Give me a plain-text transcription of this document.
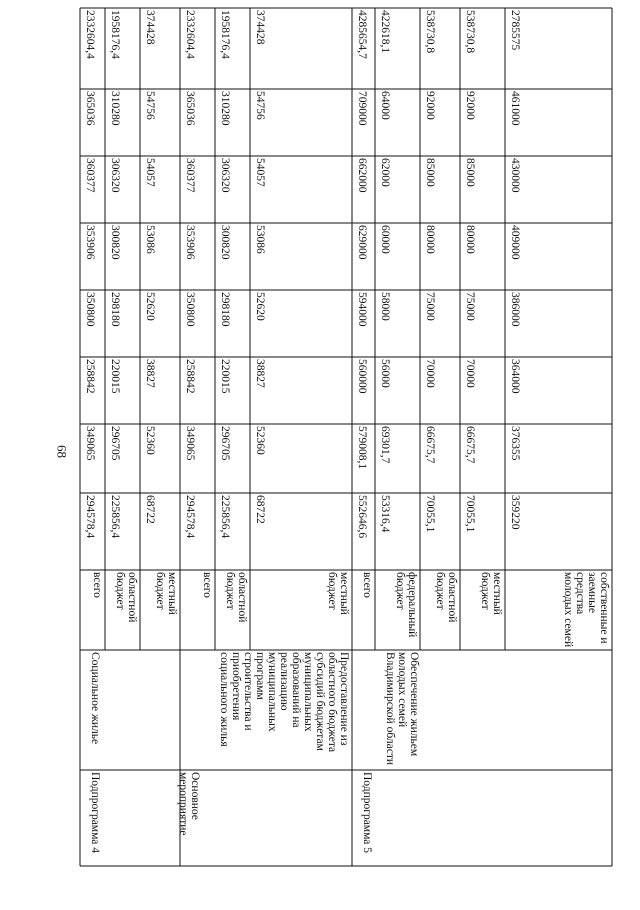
68
Подпрограмма 4
Социальное жилье
Основное мероприятие
Предоставление из областного бюджета субсидий бюджетам муниципальных образований на реализацию муниципальных программ строительства и приобретения социального жилья
Подпрограмма 5
Обеспечение жильем молодых семей Владимирской области
всего
294578,4
349065
258842
350800
353906
360377
365036
2332604,4
областной бюджет
225856,4
296705
220015
298180
300820
306320
310280
1958176,4
местный бюджет
68722
52360
38827
52620
53086
54057
54756
374428
всего
294578,4
349065
258842
350800
353906
360377
365036
2332604,4
областной бюджет
225856,4
296705
220015
298180
300820
306320
310280
1958176,4
местный бюджет
68722
52360
38827
52620
53086
54057
54756
374428
всего
552646,6
579008,1
560000
594000
629000
662000
709000
4285654,7
федеральный бюджет
53316,4
69301,7
56000
58000
60000
62000
64000
422618,1
областной бюджет
70055,1
66675,7
70000
75000
80000
85000
92000
538730,8
местный бюджет
70055,1
66675,7
70000
75000
80000
85000
92000
538730,8
собственные и заемные средства молодых семей
359220
376355
364000
386000
409000
430000
461000
2785575
